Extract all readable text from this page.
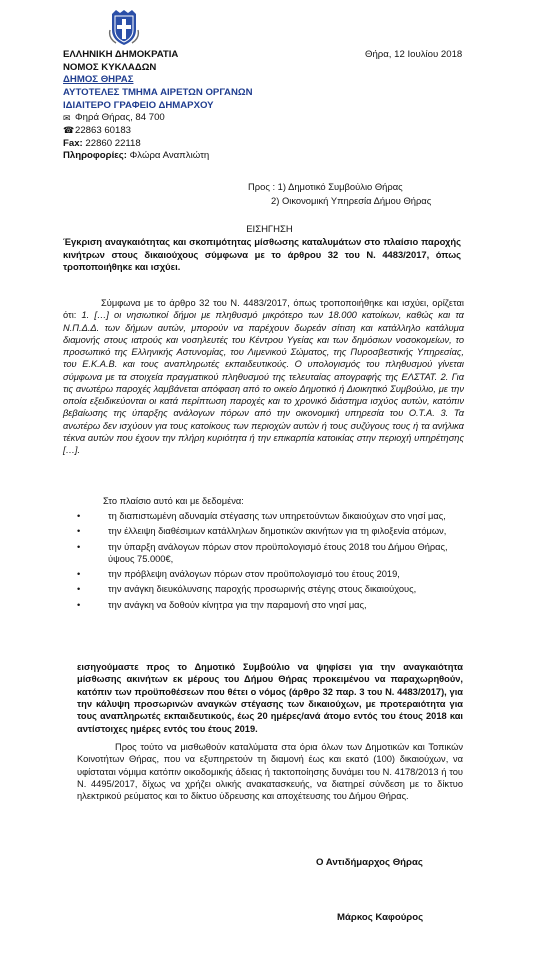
ΕΛΛΗΝΙΚΗ ΔΗΜΟΚΡΑΤΙΑ
ΝΟΜΟΣ ΚΥΚΛΑΔΩΝ
ΔΗΜΟΣ ΘΗΡΑΣ
ΑΥΤΟΤΕΛΕΣ ΤΜΗΜΑ ΑΙΡΕΤΩΝ ΟΡΓΑΝΩΝ
ΙΔΙΑΙΤΕΡΟ ΓΡΑΦΕΙΟ ΔΗΜΑΡΧΟΥ
✉ Φηρά Θήρας, 84 700
☎ 22863 60183
Fax:
22860 22118
Πληροφορίες:
Φλώρα Αναπλιώτη
Θήρα, 12 Ιουλίου 2018
Προς : 1) Δημοτικό Συμβούλιο Θήρας
2) Οικονομική Υπηρεσία Δήμου Θήρας
ΕΙΣΗΓΗΣΗ
Έγκριση αναγκαιότητας και σκοπιμότητας μίσθωσης καταλυμάτων στο πλαίσιο παροχής κινήτρων στους δικαιούχους σύμφωνα με το άρθρου 32 του Ν. 4483/2017, όπως τροποποιήθηκε και ισχύει.
Σύμφωνα με το άρθρο 32 του Ν. 4483/2017, όπως τροποποιήθηκε και ισχύει, ορίζεται ότι: 1. […] οι νησιωτικοί δήμοι με πληθυσμό μικρότερο των 18.000 κατοίκων, καθώς και τα Ν.Π.Δ.Δ. των δήμων αυτών, μπορούν να παρέχουν δωρεάν σίτιση και κατάλληλο κατάλυμα διαμονής στους ιατρούς και νοσηλευτές του Κέντρου Υγείας και των δημόσιων νοσοκομείων, το προσωπικό της Ελληνικής Αστυνομίας, του Λιμενικού Σώματος, της Πυροσβεστικής Υπηρεσίας, του Ε.Κ.Α.Β. και τους αναπληρωτές εκπαιδευτικούς. Ο υπολογισμός του πληθυσμού γίνεται σύμφωνα με τα στοιχεία πραγματικού πληθυσμού της τελευταίας απογραφής της ΕΛΣΤΑΤ. 2. Για τις ανωτέρω παροχές λαμβάνεται απόφαση από το οικείο Δημοτικό ή Διοικητικό Συμβούλιο, με την οποία εξειδικεύονται οι κατά περίπτωση παροχές και το χρονικό διάστημα ισχύος αυτών, κατόπιν βεβαίωσης της ύπαρξης ανάλογων πόρων από την οικονομική υπηρεσία του Ο.Τ.Α. 3. Τα ανωτέρω δεν ισχύουν για τους κατοίκους των περιοχών αυτών ή τους συζύγους τους ή τα ανήλικα τέκνα αυτών που έχουν την πλήρη κυριότητα ή την επικαρπία κατοικίας στην περιοχή υπηρέτησης […].
Στο πλαίσιο αυτό και με δεδομένα:
•	τη διαπιστωμένη αδυναμία στέγασης των υπηρετούντων δικαιούχων στο νησί μας,
•	την έλλειψη διαθέσιμων κατάλληλων δημοτικών ακινήτων για τη φιλοξενία ατόμων,
•	την ύπαρξη ανάλογων πόρων στον προϋπολογισμό έτους 2018 του Δήμου Θήρας, ύψους 75.000€,
•	την πρόβλεψη ανάλογων πόρων στον προϋπολογισμό του έτους 2019,
•	την ανάγκη διευκόλυνσης παροχής προσωρινής στέγης στους δικαιούχους,
•	την ανάγκη να δοθούν κίνητρα για την παραμονή στο νησί μας,
εισηγούμαστε προς το Δημοτικό Συμβούλιο να ψηφίσει για την αναγκαιότητα μίσθωσης ακινήτων εκ μέρους του Δήμου Θήρας προκειμένου να παραχωρηθούν, κατόπιν των προϋποθέσεων που θέτει ο νόμος (άρθρο 32 παρ. 3 του Ν. 4483/2017), για την κάλυψη προσωρινών αναγκών στέγασης των δικαιούχων, με προτεραιότητα για τους αναπληρωτές εκπαιδευτικούς, έως 20 ημέρες/ανά άτομο εντός του έτους 2018 και αντίστοιχες ημέρες εντός του έτους 2019.
Προς τούτο να μισθωθούν καταλύματα στα όρια όλων των Δημοτικών και Τοπικών Κοινοτήτων Θήρας, που να εξυπηρετούν τη διαμονή έως και εκατό (100) δικαιούχων, να υφίσταται νόμιμα κατόπιν οικοδομικής άδειας ή τακτοποίησης δυνάμει του Ν. 4178/2013 ή του Ν. 4495/2017, δίχως να χρήζει ολικής ανακατασκευής, να διατηρεί σύνδεση με το δίκτυο ηλεκτρικού ρεύματος και το δίκτυο ύδρευσης και αποχέτευσης του Δήμου Θήρας.
Ο Αντιδήμαρχος Θήρας
Μάρκος Καφούρος
